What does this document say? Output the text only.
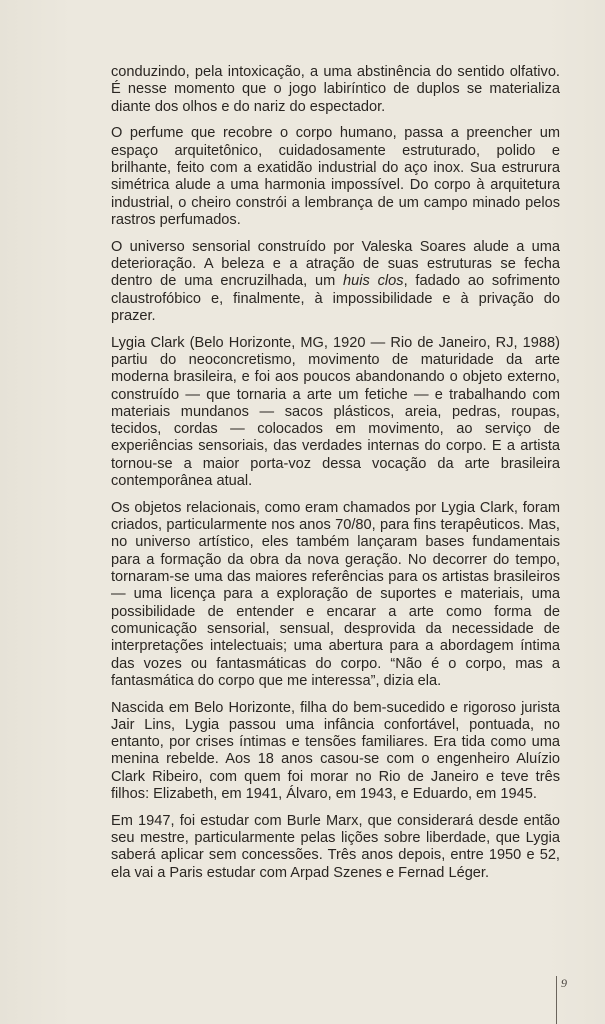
conduzindo, pela intoxicação, a uma abstinência do sentido olfativo. É nesse momento que o jogo labiríntico de duplos se materializa diante dos olhos e do nariz do espectador.

O perfume que recobre o corpo humano, passa a preencher um espaço arquitetônico, cuidadosamente estruturado, polido e brilhante, feito com a exatidão industrial do aço inox. Sua estrurura simétrica alude a uma harmonia impossível. Do corpo à arquitetura industrial, o cheiro constrói a lembrança de um campo minado pelos rastros perfumados.

O universo sensorial construído por Valeska Soares alude a uma deterioração. A beleza e a atração de suas estruturas se fecha dentro de uma encruzilhada, um huis clos, fadado ao sofrimento claustrofóbico e, finalmente, à impossibilidade e à privação do prazer.

Lygia Clark (Belo Horizonte, MG, 1920 — Rio de Janeiro, RJ, 1988) partiu do neoconcretismo, movimento de maturidade da arte moderna brasileira, e foi aos poucos abandonando o objeto externo, construído — que tornaria a arte um fetiche — e trabalhando com materiais mundanos — sacos plásticos, areia, pedras, roupas, tecidos, cordas — colocados em movimento, ao serviço de experiências sensoriais, das verdades internas do corpo. E a artista tornou-se a maior porta-voz dessa vocação da arte brasileira contemporânea atual.

Os objetos relacionais, como eram chamados por Lygia Clark, foram criados, particularmente nos anos 70/80, para fins terapêuticos. Mas, no universo artístico, eles também lançaram bases fundamentais para a formação da obra da nova geração. No decorrer do tempo, tornaram-se uma das maiores referências para os artistas brasileiros — uma licença para a exploração de suportes e materiais, uma possibilidade de entender e encarar a arte como forma de comunicação sensorial, sensual, desprovida da necessidade de interpretações intelectuais; uma abertura para a abordagem íntima das vozes ou fantasmáticas do corpo. “Não é o corpo, mas a fantasmática do corpo que me interessa”, dizia ela.

Nascida em Belo Horizonte, filha do bem-sucedido e rigoroso jurista Jair Lins, Lygia passou uma infância confortável, pontuada, no entanto, por crises íntimas e tensões familiares. Era tida como uma menina rebelde. Aos 18 anos casou-se com o engenheiro Aluízio Clark Ribeiro, com quem foi morar no Rio de Janeiro e teve três filhos: Elizabeth, em 1941, Álvaro, em 1943, e Eduardo, em 1945.

Em 1947, foi estudar com Burle Marx, que considerará desde então seu mestre, particularmente pelas lições sobre liberdade, que Lygia saberá aplicar sem concessões. Três anos depois, entre 1950 e 52, ela vai a Paris estudar com Arpad Szenes e Fernad Léger.

9
